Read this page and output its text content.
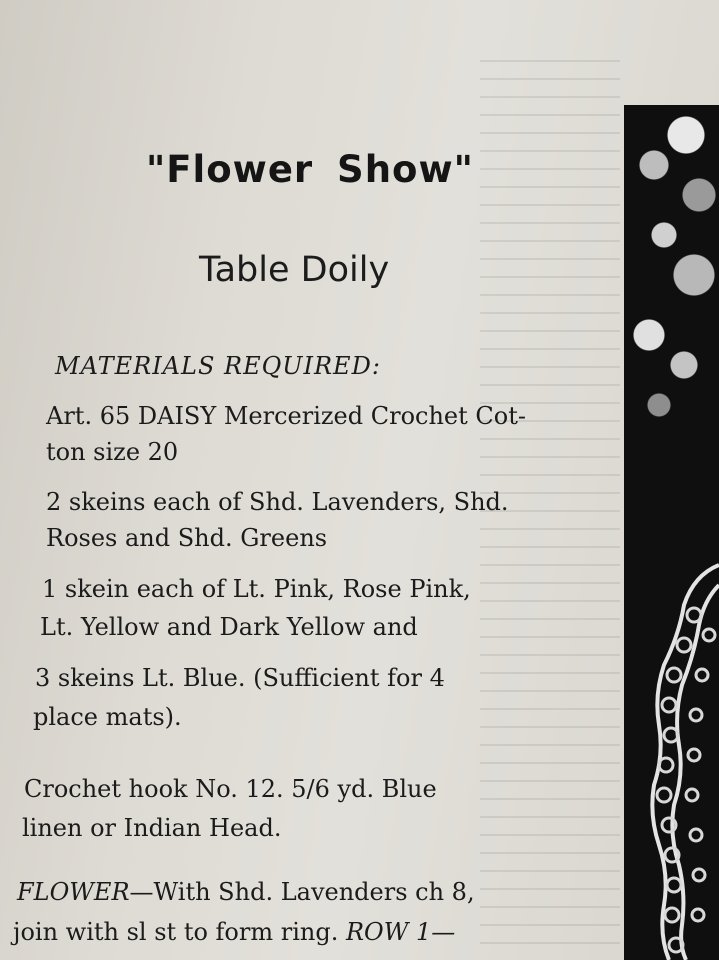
"Flower Show"
Table Doily
MATERIALS REQUIRED:
Art. 65 DAISY Mercerized Crochet Cot-
ton size 20
2 skeins each of Shd. Lavenders, Shd.
Roses and Shd. Greens
1 skein each of Lt. Pink, Rose Pink,
Lt. Yellow and Dark Yellow and
3 skeins Lt. Blue. (Sufficient for 4
place mats).
Crochet hook No. 12. 5/6 yd. Blue
linen or Indian Head.
FLOWER—With Shd. Lavenders ch 8,
join with sl st to form ring. ROW 1—
